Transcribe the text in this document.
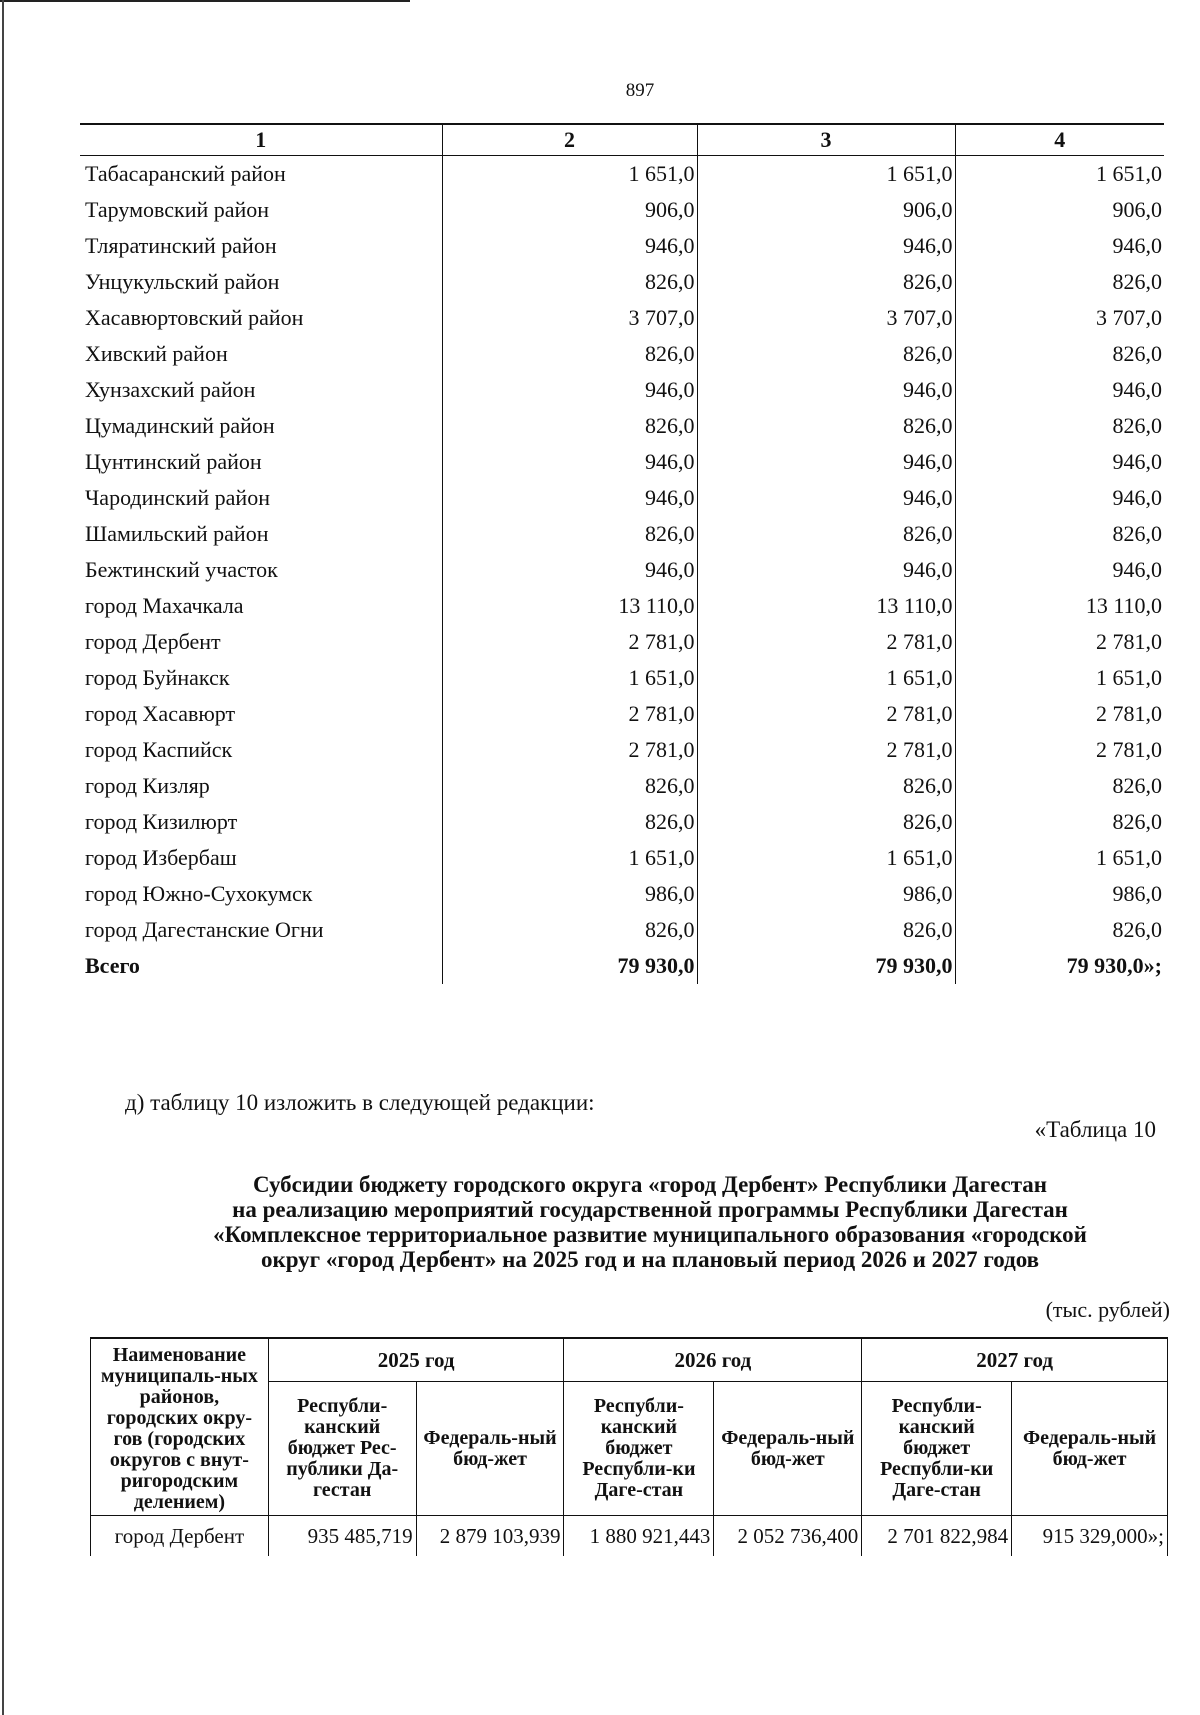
897
1	2	3	4
Табасаранский район	1 651,0	1 651,0	1 651,0
Тарумовский район	906,0	906,0	906,0
Тляратинский район	946,0	946,0	946,0
Унцукульский район	826,0	826,0	826,0
Хасавюртовский район	3 707,0	3 707,0	3 707,0
Хивский район	826,0	826,0	826,0
Хунзахский район	946,0	946,0	946,0
Цумадинский район	826,0	826,0	826,0
Цунтинский район	946,0	946,0	946,0
Чародинский район	946,0	946,0	946,0
Шамильский район	826,0	826,0	826,0
Бежтинский участок	946,0	946,0	946,0
город Махачкала	13 110,0	13 110,0	13 110,0
город Дербент	2 781,0	2 781,0	2 781,0
город Буйнакск	1 651,0	1 651,0	1 651,0
город Хасавюрт	2 781,0	2 781,0	2 781,0
город Каспийск	2 781,0	2 781,0	2 781,0
город Кизляр	826,0	826,0	826,0
город Кизилюрт	826,0	826,0	826,0
город Избербаш	1 651,0	1 651,0	1 651,0
город Южно-Сухокумск	986,0	986,0	986,0
город Дагестанские Огни	826,0	826,0	826,0
Всего	79 930,0	79 930,0	79 930,0»;
д) таблицу 10 изложить в следующей редакции:
«Таблица 10
Субсидии бюджету городского округа «город Дербент» Республики Дагестан
на реализацию мероприятий государственной программы Республики Дагестан
«Комплексное территориальное развитие муниципального образования «городской
округ «город Дербент» на 2025 год и на плановый период 2026 и 2027 годов
(тыс. рублей)
Наименование муниципаль-ных районов, городских окру-гов (городских округов с внут-ригородским делением)	2025 год		2026 год		2027 год	
	Республи-канский бюджет Рес-публики Да-гестан	Федераль-ный бюд-жет	Республи-канский бюджет Республи-ки Даге-стан	Федераль-ный бюд-жет	Республи-канский бюджет Республи-ки Даге-стан	Федераль-ный бюд-жет
город Дербент	935 485,719	2 879 103,939	1 880 921,443	2 052 736,400	2 701 822,984	915 329,000»;
